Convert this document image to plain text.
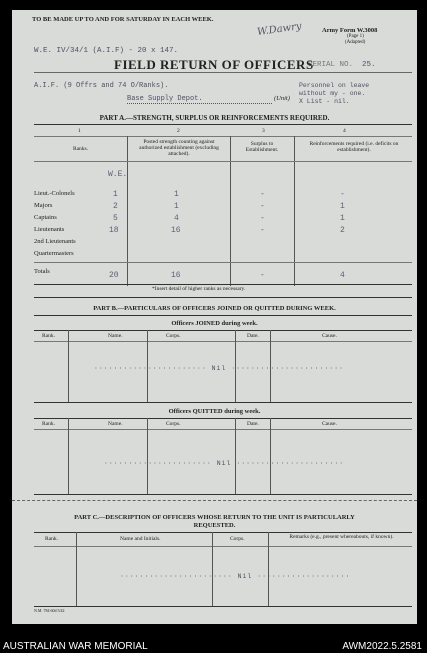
TO BE MADE UP TO AND FOR SATURDAY IN EACH WEEK.
Army Form W.3008
(Page 1)
(Adapted)
W.Dawry
W.E. IV/34/1 (A.I.F) - 20 x 147.
FIELD RETURN OF OFFICERS
SERIAL NO. 25.
A.I.F. (9 Offrs and 74 O/Ranks).
Base Supply Depot.	(Unit)
Personnel on leave
without my - one.
X List - nil.
PART A.—STRENGTH, SURPLUS OR REINFORCEMENTS REQUIRED.
1	2	3	4
Ranks.
Posted strength counting against authorized establishment (excluding attached).
Surplus to Establishment.
Reinforcements required (i.e. deficits on establishment).
W.E.
Lieut.-Colonels	1	1	-	-
Majors	2	1	-	1
Captains	5	4	-	1
Lieutenants	18	16	-	2
2nd Lieutenants
Quartermasters
Totals	20	16	-	4
*Insert detail of higher ranks as necessary.
PART B.—PARTICULARS OF OFFICERS JOINED OR QUITTED DURING WEEK.
Officers JOINED during week.
Rank.	Name.	Corps.	Date.	Cause.
······················· Nil ·······················
Officers QUITTED during week.
Rank.	Name.	Corps.	Date.	Cause.
······················ Nil ······················
PART C.—DESCRIPTION OF OFFICERS WHOSE RETURN TO THE UNIT IS PARTICULARLY
REQUESTED.
Rank.	Name and Initials.	Corps.	Remarks (e.g., present whereabouts, if known).
······················· Nil ···················
N.M. 784 60d 5/42
AUSTRALIAN WAR MEMORIAL	AWM2022.5.2581
